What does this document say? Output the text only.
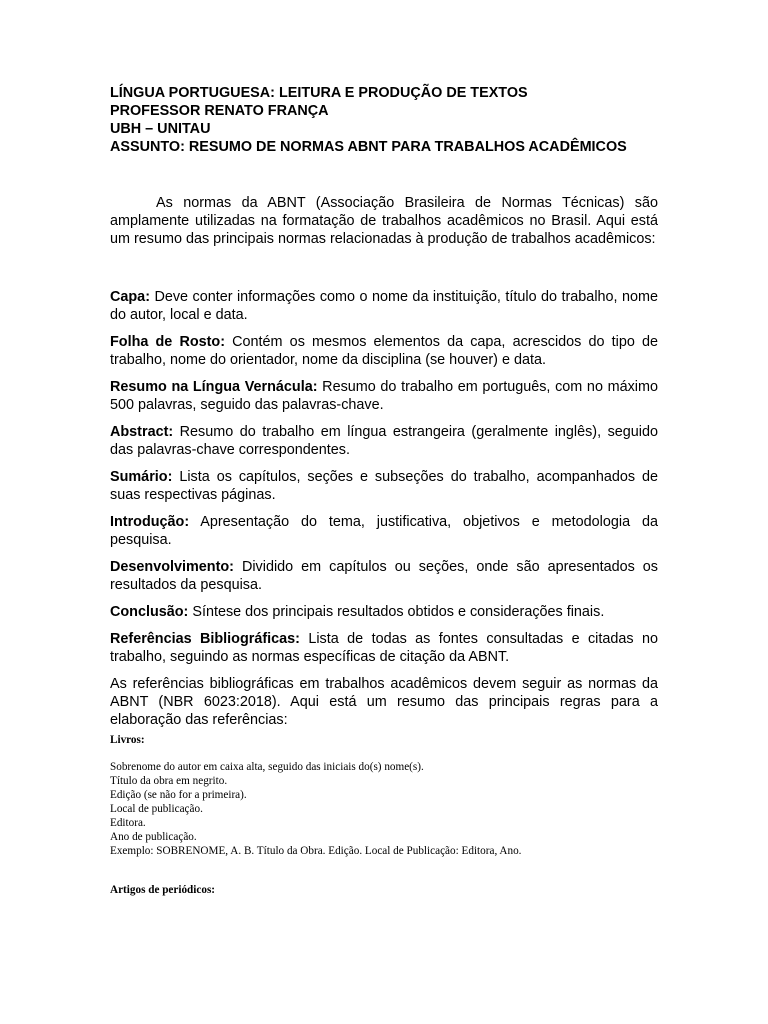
LÍNGUA PORTUGUESA: LEITURA E PRODUÇÃO DE TEXTOS

PROFESSOR RENATO FRANÇA

UBH – UNITAU

ASSUNTO: RESUMO DE NORMAS ABNT PARA TRABALHOS ACADÊMICOS

As normas da ABNT (Associação Brasileira de Normas Técnicas) são amplamente utilizadas na formatação de trabalhos acadêmicos no Brasil. Aqui está um resumo das principais normas relacionadas à produção de trabalhos acadêmicos:

Capa: Deve conter informações como o nome da instituição, título do trabalho, nome do autor, local e data.

Folha de Rosto: Contém os mesmos elementos da capa, acrescidos do tipo de trabalho, nome do orientador, nome da disciplina (se houver) e data.

Resumo na Língua Vernácula: Resumo do trabalho em português, com no máximo 500 palavras, seguido das palavras-chave.

Abstract: Resumo do trabalho em língua estrangeira (geralmente inglês), seguido das palavras-chave correspondentes.

Sumário: Lista os capítulos, seções e subseções do trabalho, acompanhados de suas respectivas páginas.

Introdução: Apresentação do tema, justificativa, objetivos e metodologia da pesquisa.

Desenvolvimento: Dividido em capítulos ou seções, onde são apresentados os resultados da pesquisa.

Conclusão: Síntese dos principais resultados obtidos e considerações finais.

Referências Bibliográficas: Lista de todas as fontes consultadas e citadas no trabalho, seguindo as normas específicas de citação da ABNT.

As referências bibliográficas em trabalhos acadêmicos devem seguir as normas da ABNT (NBR 6023:2018). Aqui está um resumo das principais regras para a elaboração das referências:

Livros:

Sobrenome do autor em caixa alta, seguido das iniciais do(s) nome(s).

Título da obra em negrito.

Edição (se não for a primeira).

Local de publicação.

Editora.

Ano de publicação.

Exemplo: SOBRENOME, A. B. Título da Obra. Edição. Local de Publicação: Editora, Ano.

Artigos de periódicos:
